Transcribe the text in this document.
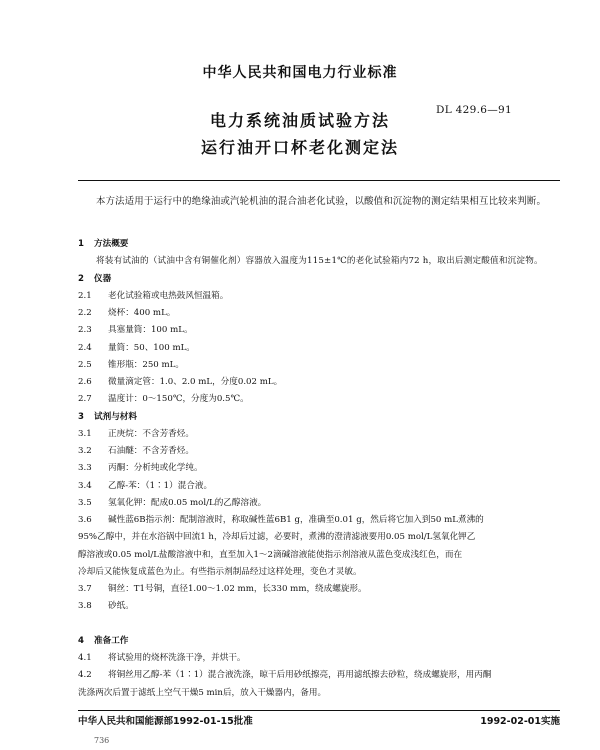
中华人民共和国电力行业标准
DL 429.6—91
电力系统油质试验方法
运行油开口杯老化测定法
本方法适用于运行中的绝缘油或汽轮机油的混合油老化试验，以酸值和沉淀物的测定结果相互比较来判断。
1 方法概要
将装有试油的（试油中含有铜催化剂）容器放入温度为115±1℃的老化试验箱内72 h，取出后测定酸值和沉淀物。
2 仪器
2.1 老化试验箱或电热鼓风恒温箱。
2.2 烧杯：400 mL。
2.3 具塞量筒：100 mL。
2.4 量筒：50、100 mL。
2.5 锥形瓶：250 mL。
2.6 微量滴定管：1.0、2.0 mL，分度0.02 mL。
2.7 温度计：0～150℃，分度为0.5℃。
3 试剂与材料
3.1 正庚烷：不含芳香烃。
3.2 石油醚：不含芳香烃。
3.3 丙酮：分析纯或化学纯。
3.4 乙醇-苯：（1∶1）混合液。
3.5 氢氧化钾：配成0.05 mol/L的乙醇溶液。
3.6 碱性蓝6B指示剂：配制溶液时，称取碱性蓝6B1 g，准确至0.01 g，然后将它加入到50 mL煮沸的
95%乙醇中，并在水浴锅中回流1 h，冷却后过滤，必要时，煮沸的澄清滤液要用0.05 mol/L氢氧化钾乙
醇溶液或0.05 mol/L盐酸溶液中和，直至加入1～2滴碱溶液能使指示剂溶液从蓝色变成浅红色，而在
冷却后又能恢复成蓝色为止。有些指示剂制品经过这样处理，变色才灵敏。
3.7 铜丝：T1号铜，直径1.00～1.02 mm，长330 mm，绕成螺旋形。
3.8 砂纸。
4 准备工作
中华人民共和国能源部1992-01-15批准	1992-02-01实施
736
4.1 将试验用的烧杯洗涤干净，并烘干。
4.2 将铜丝用乙醇-苯（1∶1）混合液洗涤，晾干后用砂纸擦亮，再用滤纸擦去砂粒，绕成螺旋形，用丙酮
洗涤两次后置于滤纸上空气干燥5 min后，放入干燥器内，备用。
